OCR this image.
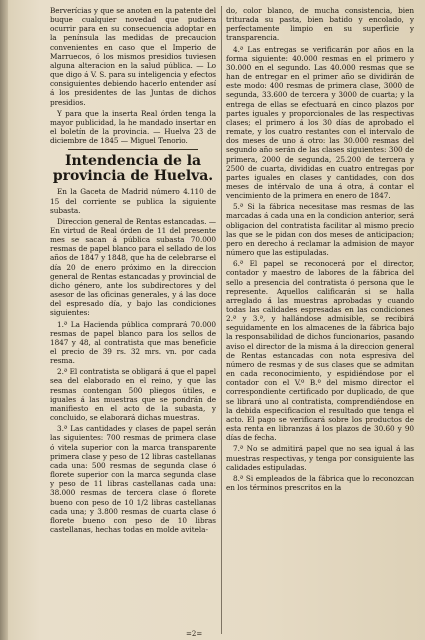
Berverícias y que se anoten en la patente del buque cualquier novedad que pudiera ocurrir para en su consecuencia adoptar en la península las medidas de precaucion convenientes en caso que el Imperio de Marruecos, ó los mismos presidios tuviesen alguna alteracion en la salud pública. — Lo que digo á V. S. para su inteligencia y efectos consiguientes debiendo hacerlo entender así á los presidentes de las Juntas de dichos presidios.

Y para que la inserta Real órden tenga la mayor publicidad, la he mandado insertar en el boletín de la provincia. — Huelva 23 de diciembre de 1845 — Miguel Tenorio.

Intendencia de la provincia de Huelva.

En la Gaceta de Madrid número 4.110 de 15 del corriente se publica la siguiente subasta.

Direccion general de Rentas estancadas. — En virtud de Real órden de 11 del presente mes se sacan á pública subasta 70.000 resmas de papel blanco para el sellado de los años de 1847 y 1848, que ha de celebrarse el día 20 de enero próximo en la direccion general de Rentas estancadas y provincial de dicho género, ante los subdirectores y del asesor de las oficinas generales, y á las doce del espresado día, y bajo las condiciones siguientes:

1.ª La Hacienda pública comprará 70.000 resmas de papel blanco para los sellos de 1847 y 48, al contratista que mas beneficie el precio de 39 rs. 32 mrs. vn. por cada resma.

2.ª El contratista se obligará á que el papel sea del elaborado en el reino, y que las resmas contengan 500 pliegos útiles, e iguales á las muestras que se pondrán de manifiesto en el acto de la subasta, y concluido, se elaborará dichas muestras.

3.ª Las cantidades y clases de papel serán las siguientes: 700 resmas de primera clase ó vitela superior con la marca transparente primera clase y peso de 12 libras castellanas cada una: 500 resmas de segunda clase ó florete superior con la marca segunda clase y peso de 11 libras castellanas cada una: 38.000 resmas de tercera clase ó florete bueno con peso de 10 1/2 libras castellanas cada una; y 3.800 resmas de cuarta clase ó florete bueno con peso de 10 libras castellanas, hechas todas en molde avitela-

do, color blanco, de mucha consistencia, bien triturada su pasta, bien batido y encolado, y perfectamente limpio en su superficie y transparencia.

4.ª Las entregas se verificarán por años en la forma siguiente: 40.000 resmas en el primero y 30.000 en el segundo. Las 40.000 resmas que se han de entregar en el primer año se dividirán de este modo: 400 resmas de primera clase, 3000 de segunda, 33.600 de tercera y 3000 de cuarta; y la entrega de ellas se efectuará en cinco plazos por partes iguales y proporcionales de las respectivas clases; el primero á los 30 días de aprobado el remate, y los cuatro restantes con el intervalo de dos meses de uno á otro: las 30.000 resmas del segundo año serán de las clases siguientes: 300 de primera, 2000 de segunda, 25.200 de tercera y 2500 de cuarta, divididas en cuatro entregas por partes iguales en clases y cantidades, con dos meses de intérvalo de una á otra, á contar el vencimiento de la primera en enero de 1847.

5.ª Si la fábrica necesitase mas resmas de las marcadas á cada una en la condicion anterior, será obligacion del contratista facilitar al mismo precio las que se le pidan con dos meses de anticipacion; pero en derecho á reclamar la admision de mayor número que las estipuladas.

6.ª El papel se reconocerá por el director, contador y maestro de labores de la fábrica del sello a presencia del contratista ó persona que le represente. Aquellos calificarán si se halla arreglado á las muestras aprobadas y cuando todas las calidades espresadas en las condiciones 2.ª y 3.ª, y hallándose admisible, se recibirá seguidamente en los almacenes de la fábrica bajo la responsabilidad de dichos funcionarios, pasando aviso el director de la misma á la direccion general de Rentas estancadas con nota espresiva del número de resmas y de sus clases que se admitan en cada reconocimiento, y espidiéndose por el contador con el V.º B.º del mismo director el correspondiente certificado por duplicado, de que se librará uno al contratista, comprendiéndose en la debida especificacion el resultado que tenga el acto. El pago se verificará sobre los productos de esta renta en libranzas á los plazos de 30.60 y 90 días de fecha.

7.ª No se admitirá papel que no sea igual á las muestras respectivas, y tenga por consiguiente las calidades estipuladas.

8.ª Si empleados de la fábrica que lo reconozcan en los términos prescritos en la

=2=
